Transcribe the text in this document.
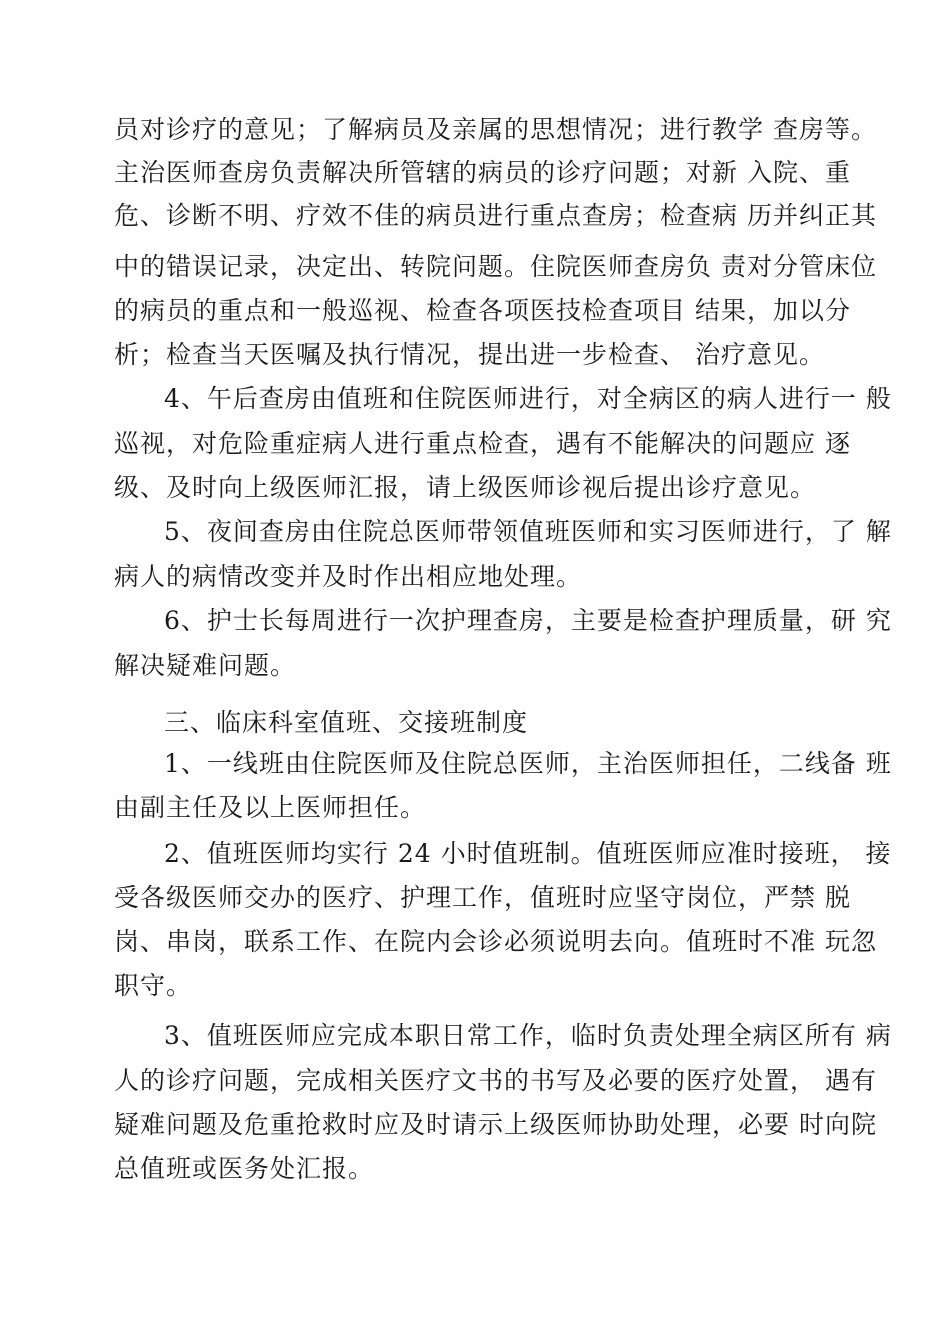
员对诊疗的意见；了解病员及亲属的思想情况；进行教学 查房等。
主治医师查房负责解决所管辖的病员的诊疗问题；对新 入院、重
危、诊断不明、疗效不佳的病员进行重点查房；检查病 历并纠正其
中的错误记录，决定出、转院问题。住院医师查房负 责对分管床位
的病员的重点和一般巡视、检查各项医技检查项目 结果，加以分
析；检查当天医嘱及执行情况，提出进一步检查、 治疗意见。
4、午后查房由值班和住院医师进行，对全病区的病人进行一 般
巡视，对危险重症病人进行重点检查，遇有不能解决的问题应 逐
级、及时向上级医师汇报，请上级医师诊视后提出诊疗意见。
5、夜间查房由住院总医师带领值班医师和实习医师进行，了 解
病人的病情改变并及时作出相应地处理。
6、护士长每周进行一次护理查房，主要是检查护理质量，研 究
解决疑难问题。
三、临床科室值班、交接班制度
1、一线班由住院医师及住院总医师，主治医师担任，二线备 班
由副主任及以上医师担任。
2、值班医师均实行 24 小时值班制。值班医师应准时接班， 接
受各级医师交办的医疗、护理工作，值班时应坚守岗位，严禁 脱
岗、串岗，联系工作、在院内会诊必须说明去向。值班时不准 玩忽
职守。
3、值班医师应完成本职日常工作，临时负责处理全病区所有 病
人的诊疗问题，完成相关医疗文书的书写及必要的医疗处置， 遇有
疑难问题及危重抢救时应及时请示上级医师协助处理，必要 时向院
总值班或医务处汇报。
